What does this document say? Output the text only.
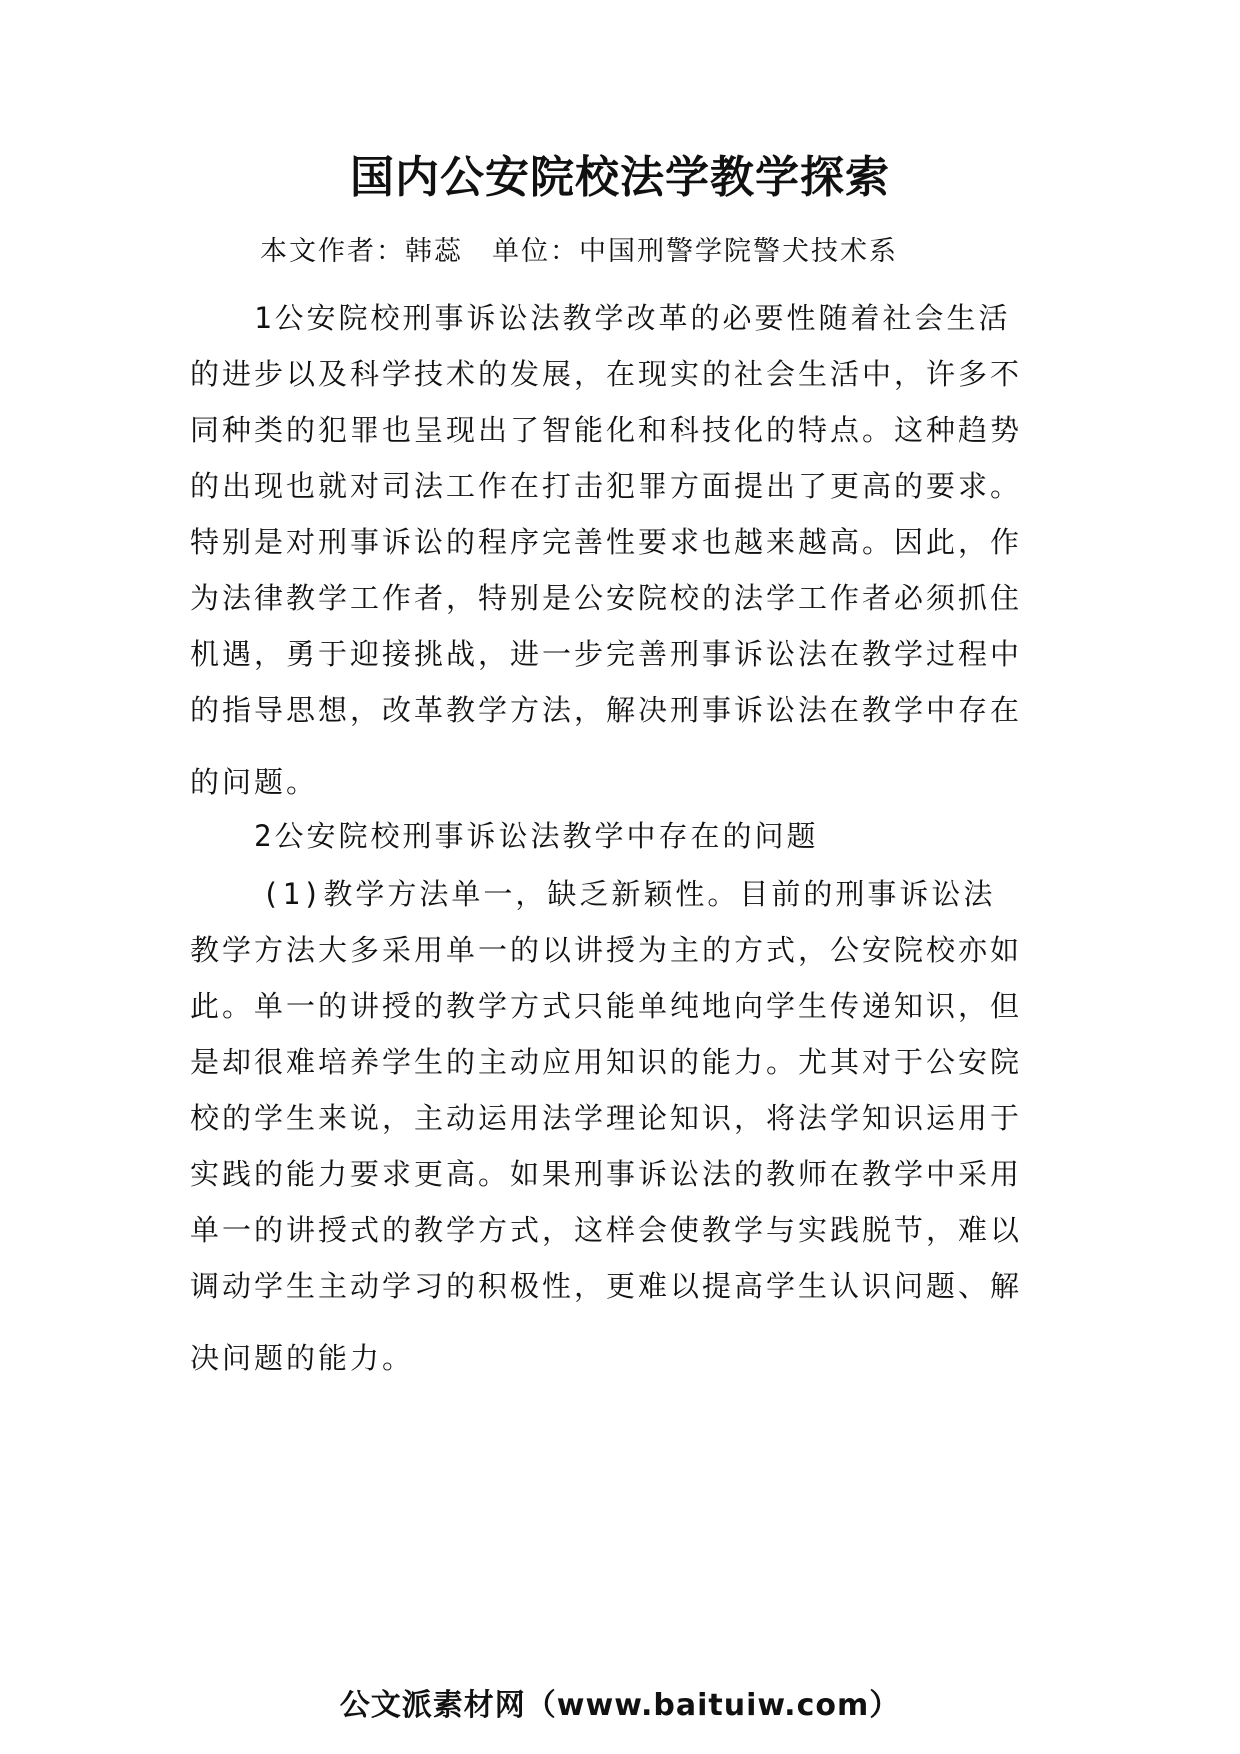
国内公安院校法学教学探索
本文作者：韩蕊　单位：中国刑警学院警犬技术系
1公安院校刑事诉讼法教学改革的必要性随着社会生活
的进步以及科学技术的发展，在现实的社会生活中，许多不
同种类的犯罪也呈现出了智能化和科技化的特点。这种趋势
的出现也就对司法工作在打击犯罪方面提出了更高的要求。
特别是对刑事诉讼的程序完善性要求也越来越高。因此，作
为法律教学工作者，特别是公安院校的法学工作者必须抓住
机遇，勇于迎接挑战，进一步完善刑事诉讼法在教学过程中
的指导思想，改革教学方法，解决刑事诉讼法在教学中存在
的问题。
2公安院校刑事诉讼法教学中存在的问题
(1)教学方法单一，缺乏新颖性。目前的刑事诉讼法
教学方法大多采用单一的以讲授为主的方式，公安院校亦如
此。单一的讲授的教学方式只能单纯地向学生传递知识，但
是却很难培养学生的主动应用知识的能力。尤其对于公安院
校的学生来说，主动运用法学理论知识，将法学知识运用于
实践的能力要求更高。如果刑事诉讼法的教师在教学中采用
单一的讲授式的教学方式，这样会使教学与实践脱节，难以
调动学生主动学习的积极性，更难以提高学生认识问题、解
决问题的能力。
公文派素材网（www.baituiw.com）
